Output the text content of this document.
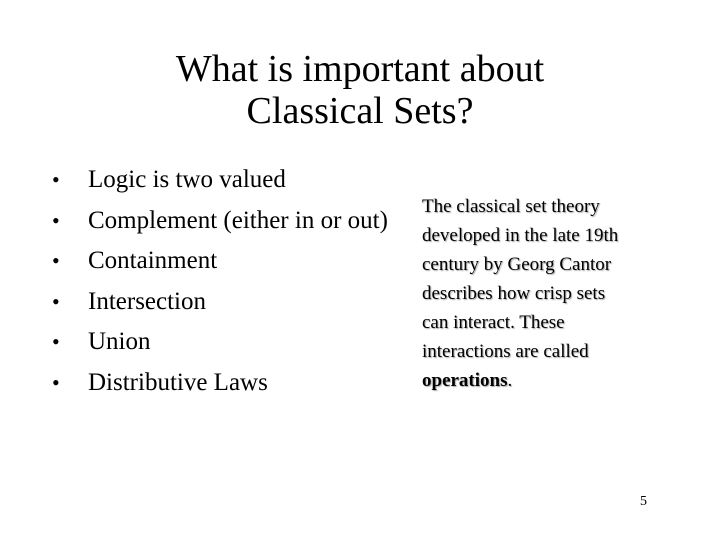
What is important about
Classical Sets?
•	Logic is two valued
•	Complement (either in or out)
•	Containment
•	Intersection
•	Union
•	Distributive Laws
The classical set theory
developed in the late 19th
century by Georg Cantor
describes how crisp sets
can interact. These
interactions are called
operations.
5
